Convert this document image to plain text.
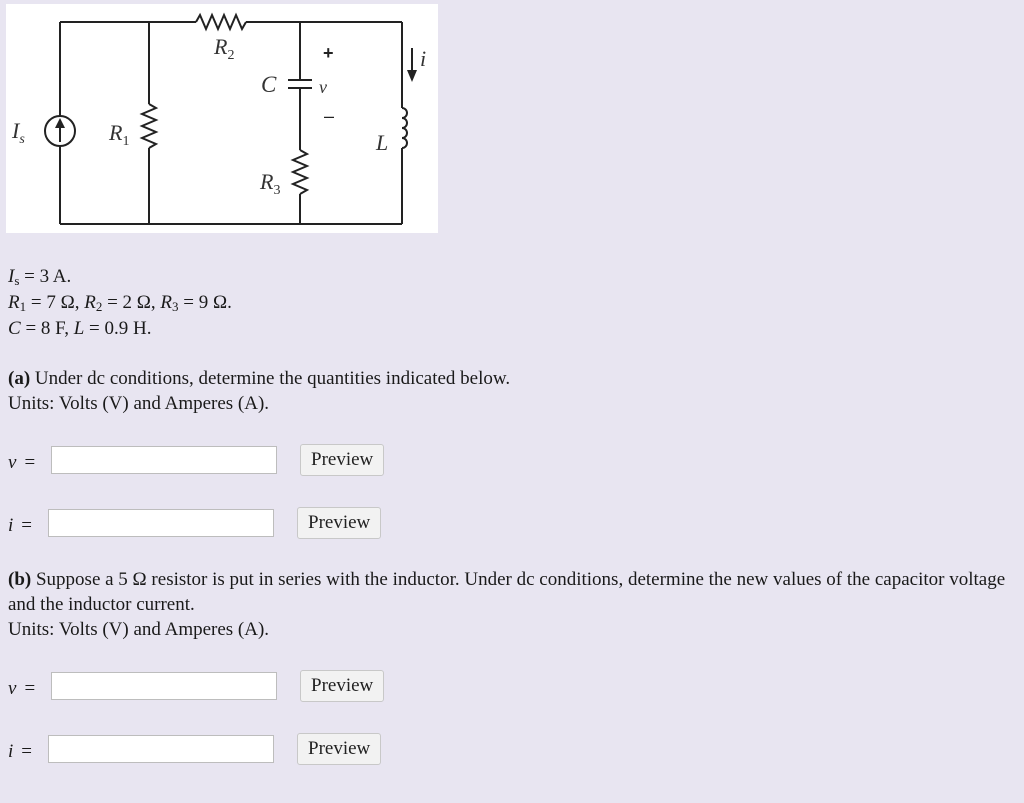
$I_s$	$R_1$
$R_2$
$R_3$
C
L
v
i
+
–
$I_s = 3$ A.
$R_1 = 7$ Ω, $R_2 = 2$ Ω, $R_3 = 9$ Ω.
C = 8 F, L = 0.9 H.
(a) Under dc conditions, determine the quantities indicated below.
Units: Volts (V) and Amperes (A).
v =	Preview
i =	Preview
(b) Suppose a 5 Ω resistor is put in series with the inductor. Under dc conditions, determine the new values of the capacitor voltage and the inductor current.
Units: Volts (V) and Amperes (A).
v =	Preview
i =	Preview
